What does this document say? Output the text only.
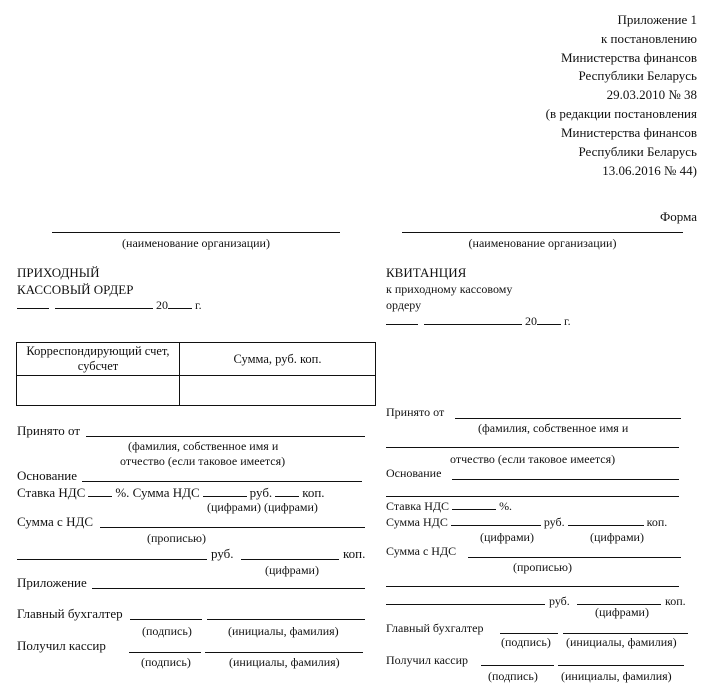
Приложение 1
к постановлению
Министерства финансов
Республики Беларусь
29.03.2010 № 38
(в редакции постановления
Министерства финансов
Республики Беларусь
13.06.2016 № 44)
Форма
(наименование организации)
ПРИХОДНЫЙ
КАССОВЫЙ ОРДЕР
20 г.
Корреспондирующий счет, субсчет	Сумма, руб. коп.

Принято от
(фамилия, собственное имя и
отчество (если таковое имеется)
Основание
Ставка НДС %. Сумма НДС	руб. коп.
(цифрами) (цифрами)
Сумма с НДС
(прописью)
руб.	коп.
(цифрами)
Приложение
Главный бухгалтер
(подпись)	(инициалы, фамилия)
Получил кассир
(подпись)	(инициалы, фамилия)
(наименование организации)
КВИТАНЦИЯ
к приходному кассовому
ордеру
20 г.
Принято от
(фамилия, собственное имя и
отчество (если таковое имеется)
Основание
Ставка НДС	%.
Сумма НДС	руб.	коп.
(цифрами)	(цифрами)
Сумма с НДС
(прописью)
руб.	коп.
(цифрами)
Главный бухгалтер
(подпись) (инициалы, фамилия)
Получил кассир
(подпись) (инициалы, фамилия)
